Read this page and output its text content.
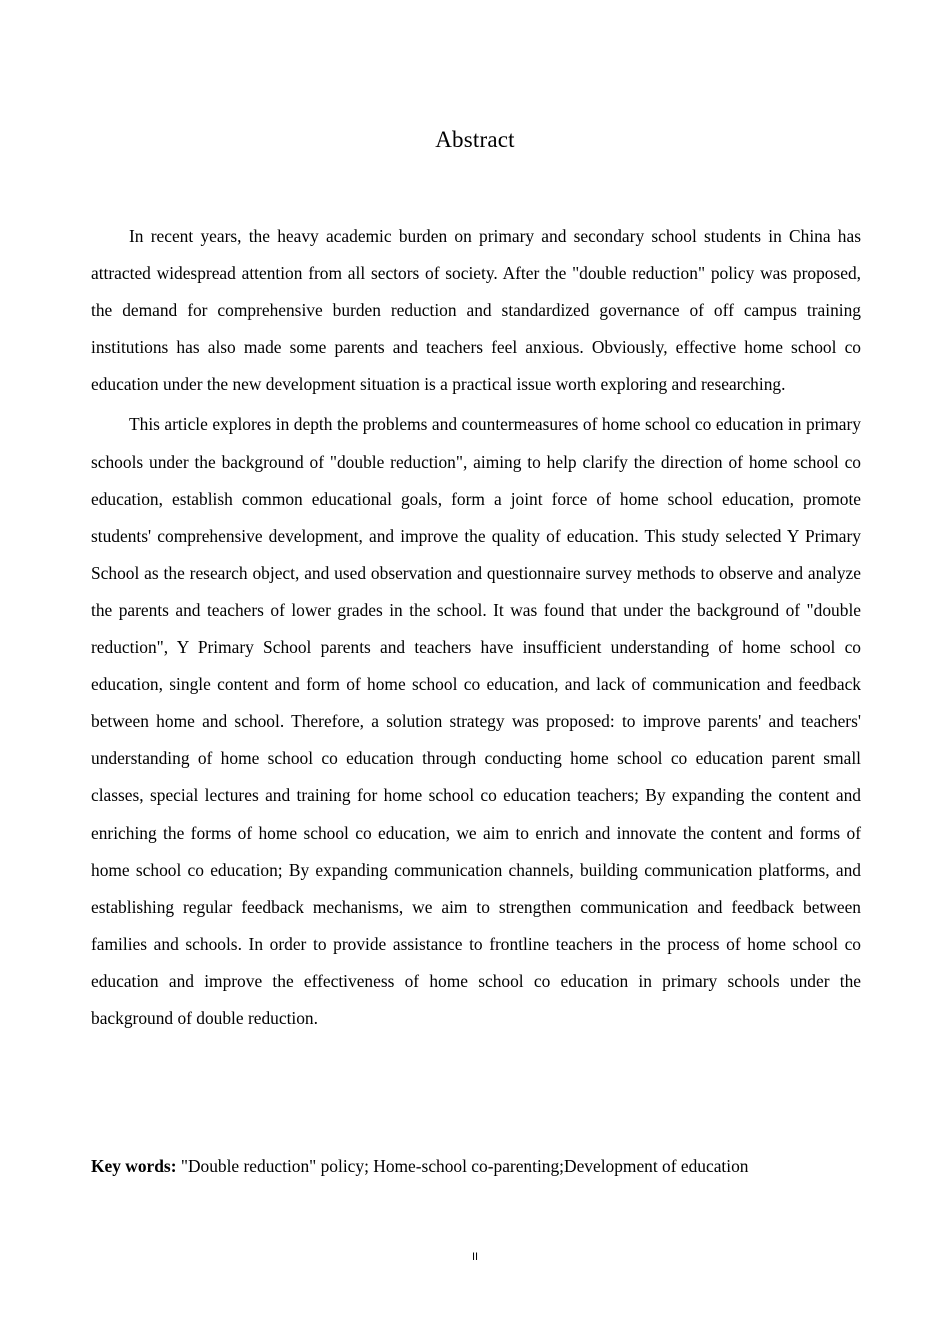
Abstract

In recent years, the heavy academic burden on primary and secondary school students in China has attracted widespread attention from all sectors of society. After the "double reduction" policy was proposed, the demand for comprehensive burden reduction and standardized governance of off campus training institutions has also made some parents and teachers feel anxious. Obviously, effective home school co education under the new development situation is a practical issue worth exploring and researching.

This article explores in depth the problems and countermeasures of home school co education in primary schools under the background of "double reduction", aiming to help clarify the direction of home school co education, establish common educational goals, form a joint force of home school education, promote students' comprehensive development, and improve the quality of education. This study selected Y Primary School as the research object, and used observation and questionnaire survey methods to observe and analyze the parents and teachers of lower grades in the school. It was found that under the background of "double reduction", Y Primary School parents and teachers have insufficient understanding of home school co education, single content and form of home school co education, and lack of communication and feedback between home and school. Therefore, a solution strategy was proposed: to improve parents' and teachers' understanding of home school co education through conducting home school co education parent small classes, special lectures and training for home school co education teachers; By expanding the content and enriching the forms of home school co education, we aim to enrich and innovate the content and forms of home school co education; By expanding communication channels, building communication platforms, and establishing regular feedback mechanisms, we aim to strengthen communication and feedback between families and schools. In order to provide assistance to frontline teachers in the process of home school co education and improve the effectiveness of home school co education in primary schools under the background of double reduction.

Key words: "Double reduction" policy; Home-school co-parenting;Development of education
II
